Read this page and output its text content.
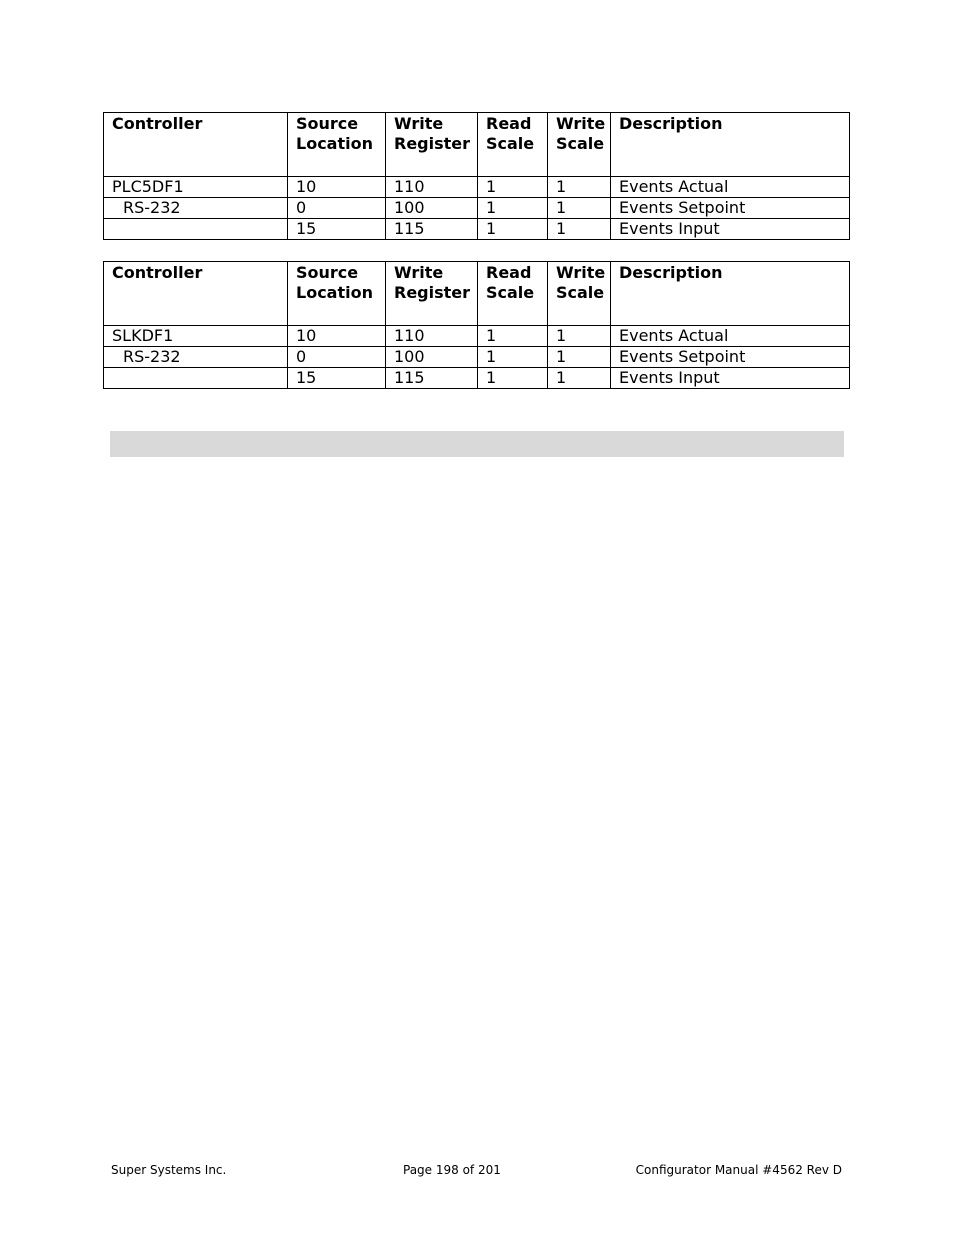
Controller	Source Location	Write Register	Read Scale	Write Scale	Description
PLC5DF1	10	110	1	1	Events Actual
RS-232	0	100	1	1	Events Setpoint
	15	115	1	1	Events Input
Controller	Source Location	Write Register	Read Scale	Write Scale	Description
SLKDF1	10	110	1	1	Events Actual
RS-232	0	100	1	1	Events Setpoint
	15	115	1	1	Events Input
Super Systems Inc.	Page 198 of 201	Configurator Manual #4562 Rev D
